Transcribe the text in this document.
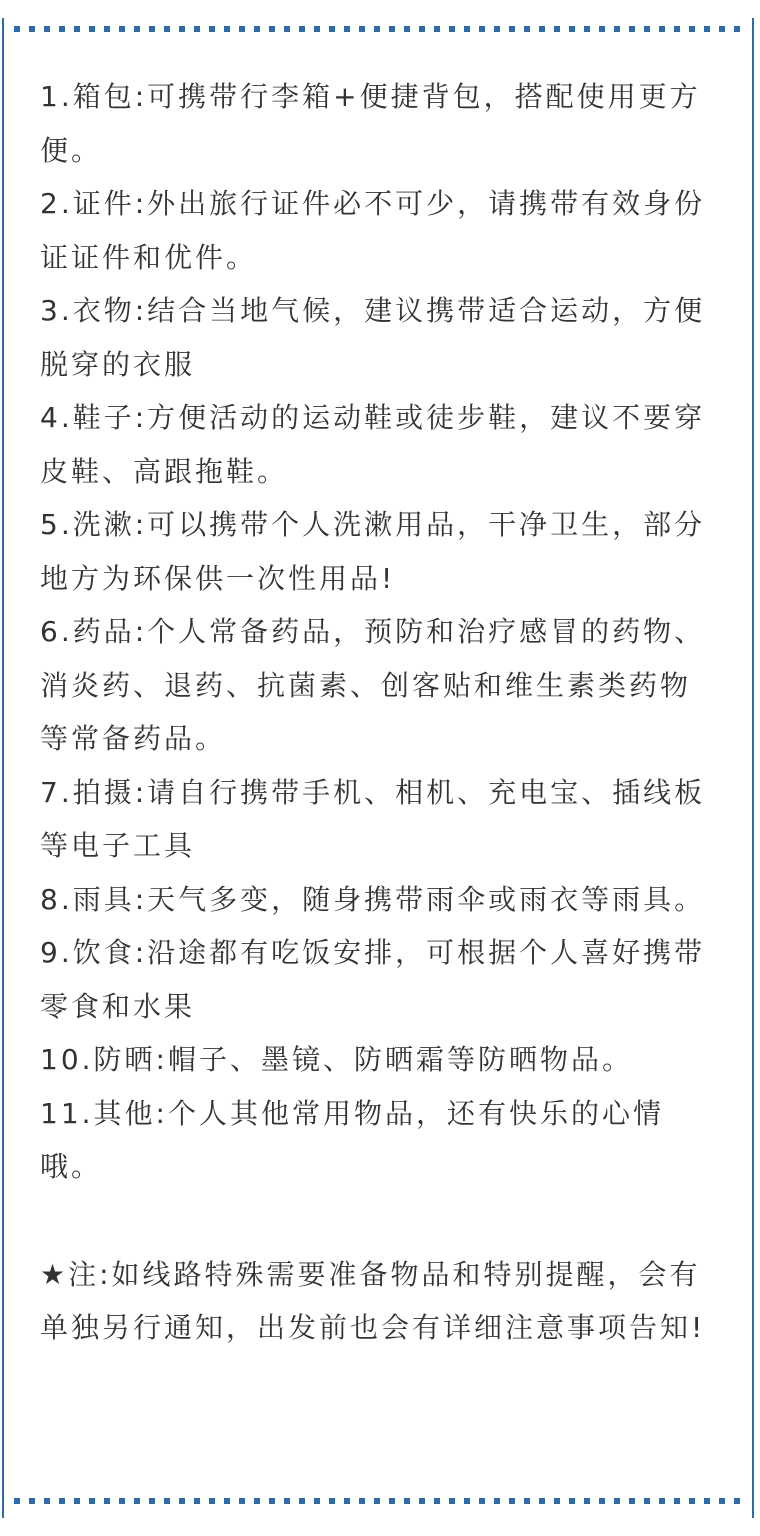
1.箱包:可携带行李箱+便捷背包，搭配使用更方便。

2.证件:外出旅行证件必不可少，请携带有效身份证证件和优件。

3.衣物:结合当地气候，建议携带适合运动，方便脱穿的衣服

4.鞋子:方便活动的运动鞋或徒步鞋，建议不要穿皮鞋、高跟拖鞋。

5.洗漱:可以携带个人洗漱用品，干净卫生，部分地方为环保供一次性用品!

6.药品:个人常备药品，预防和治疗感冒的药物、消炎药、退药、抗菌素、创客贴和维生素类药物等常备药品。

7.拍摄:请自行携带手机、相机、充电宝、插线板等电子工具

8.雨具:天气多变，随身携带雨伞或雨衣等雨具。

9.饮食:沿途都有吃饭安排，可根据个人喜好携带零食和水果

10.防晒:帽子、墨镜、防晒霜等防晒物品。

11.其他:个人其他常用物品，还有快乐的心情哦。

★注:如线路特殊需要准备物品和特别提醒，会有单独另行通知，出发前也会有详细注意事项告知!
